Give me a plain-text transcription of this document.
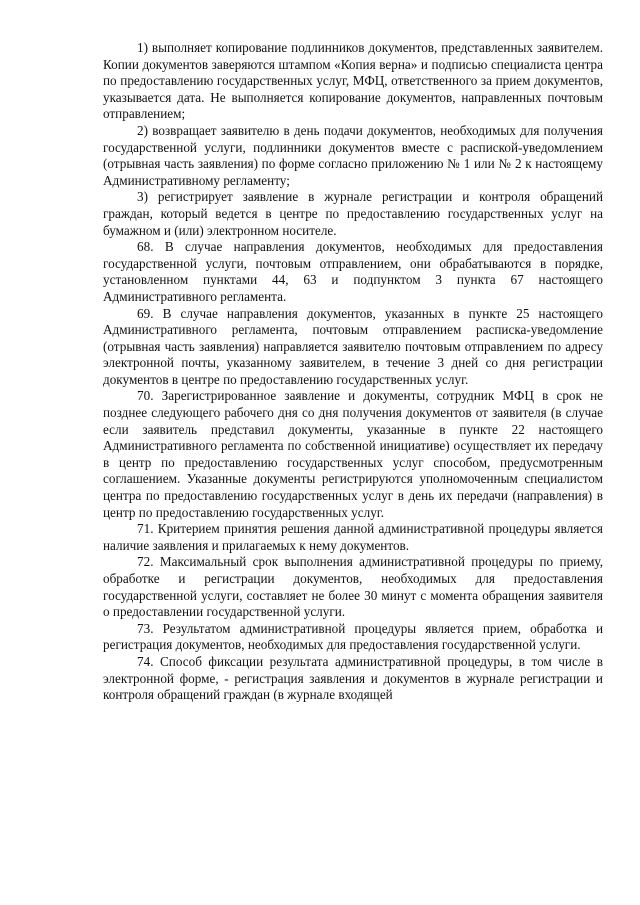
1) выполняет копирование подлинников документов, представленных заявителем. Копии документов заверяются штампом «Копия верна» и подписью специалиста центра по предоставлению государственных услуг, МФЦ, ответственного за прием документов, указывается дата. Не выполняется копирование документов, направленных почтовым отправлением;

2) возвращает заявителю в день подачи документов, необходимых для получения государственной услуги, подлинники документов вместе с распиской-уведомлением (отрывная часть заявления) по форме согласно приложению № 1 или № 2 к настоящему Административному регламенту;

3) регистрирует заявление в журнале регистрации и контроля обращений граждан, который ведется в центре по предоставлению государственных услуг на бумажном и (или) электронном носителе.

68. В случае направления документов, необходимых для предоставления государственной услуги, почтовым отправлением, они обрабатываются в порядке, установленном пунктами 44, 63 и подпунктом 3 пункта 67 настоящего Административного регламента.

69. В случае направления документов, указанных в пункте 25 настоящего Административного регламента, почтовым отправлением расписка-уведомление (отрывная часть заявления) направляется заявителю почтовым отправлением по адресу электронной почты, указанному заявителем, в течение 3 дней со дня регистрации документов в центре по предоставлению государственных услуг.

70. Зарегистрированное заявление и документы, сотрудник МФЦ в срок не позднее следующего рабочего дня со дня получения документов от заявителя (в случае если заявитель представил документы, указанные в пункте 22 настоящего Административного регламента по собственной инициативе) осуществляет их передачу в центр по предоставлению государственных услуг способом, предусмотренным соглашением. Указанные документы регистрируются уполномоченным специалистом центра по предоставлению государственных услуг в день их передачи (направления) в центр по предоставлению государственных услуг.

71. Критерием принятия решения данной административной процедуры является наличие заявления и прилагаемых к нему документов.

72. Максимальный срок выполнения административной процедуры по приему, обработке и регистрации документов, необходимых для предоставления государственной услуги, составляет не более 30 минут с момента обращения заявителя о предоставлении государственной услуги.

73. Результатом административной процедуры является прием, обработка и регистрация документов, необходимых для предоставления государственной услуги.

74. Способ фиксации результата административной процедуры, в том числе в электронной форме, - регистрация заявления и документов в журнале регистрации и контроля обращений граждан (в журнале входящей
